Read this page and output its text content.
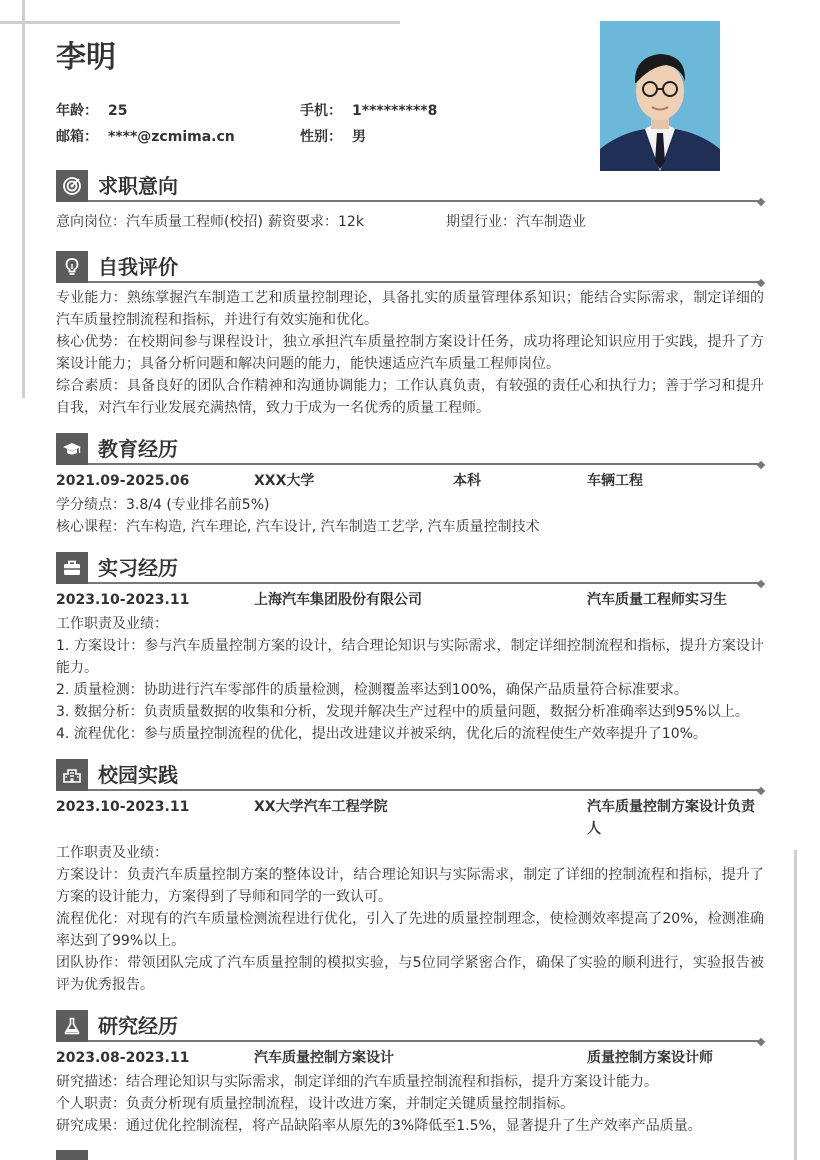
李明
年龄： 25	手机： 1*********8
邮箱： ****@zcmima.cn	性别： 男
求职意向
意向岗位：汽车质量工程师(校招) 薪资要求：12k	期望行业：汽车制造业
自我评价
专业能力：熟练掌握汽车制造工艺和质量控制理论，具备扎实的质量管理体系知识；能结合实际需求，制定详细的汽车质量控制流程和指标，并进行有效实施和优化。
核心优势：在校期间参与课程设计，独立承担汽车质量控制方案设计任务，成功将理论知识应用于实践，提升了方案设计能力；具备分析问题和解决问题的能力，能快速适应汽车质量工程师岗位。
综合素质：具备良好的团队合作精神和沟通协调能力；工作认真负责，有较强的责任心和执行力；善于学习和提升自我，对汽车行业发展充满热情，致力于成为一名优秀的质量工程师。
教育经历
2021.09-2025.06	XXX大学	本科	车辆工程
学分绩点：3.8/4 (专业排名前5%)
核心课程：汽车构造, 汽车理论, 汽车设计, 汽车制造工艺学, 汽车质量控制技术
实习经历
2023.10-2023.11	上海汽车集团股份有限公司	汽车质量工程师实习生
工作职责及业绩：
1. 方案设计：参与汽车质量控制方案的设计，结合理论知识与实际需求，制定详细控制流程和指标，提升方案设计能力。
2. 质量检测：协助进行汽车零部件的质量检测，检测覆盖率达到100%，确保产品质量符合标准要求。
3. 数据分析：负责质量数据的收集和分析，发现并解决生产过程中的质量问题，数据分析准确率达到95%以上。
4. 流程优化：参与质量控制流程的优化，提出改进建议并被采纳，优化后的流程使生产效率提升了10%。
校园实践
2023.10-2023.11	XX大学汽车工程学院	汽车质量控制方案设计负责人
工作职责及业绩：
方案设计：负责汽车质量控制方案的整体设计，结合理论知识与实际需求，制定了详细的控制流程和指标，提升了方案的设计能力，方案得到了导师和同学的一致认可。
流程优化：对现有的汽车质量检测流程进行优化，引入了先进的质量控制理念，使检测效率提高了20%，检测准确率达到了99%以上。
团队协作：带领团队完成了汽车质量控制的模拟实验，与5位同学紧密合作，确保了实验的顺利进行，实验报告被评为优秀报告。
研究经历
2023.08-2023.11	汽车质量控制方案设计	质量控制方案设计师
研究描述：结合理论知识与实际需求，制定详细的汽车质量控制流程和指标，提升方案设计能力。
个人职责：负责分析现有质量控制流程，设计改进方案，并制定关键质量控制指标。
研究成果：通过优化控制流程，将产品缺陷率从原先的3%降低至1.5%，显著提升了生产效率产品质量。
